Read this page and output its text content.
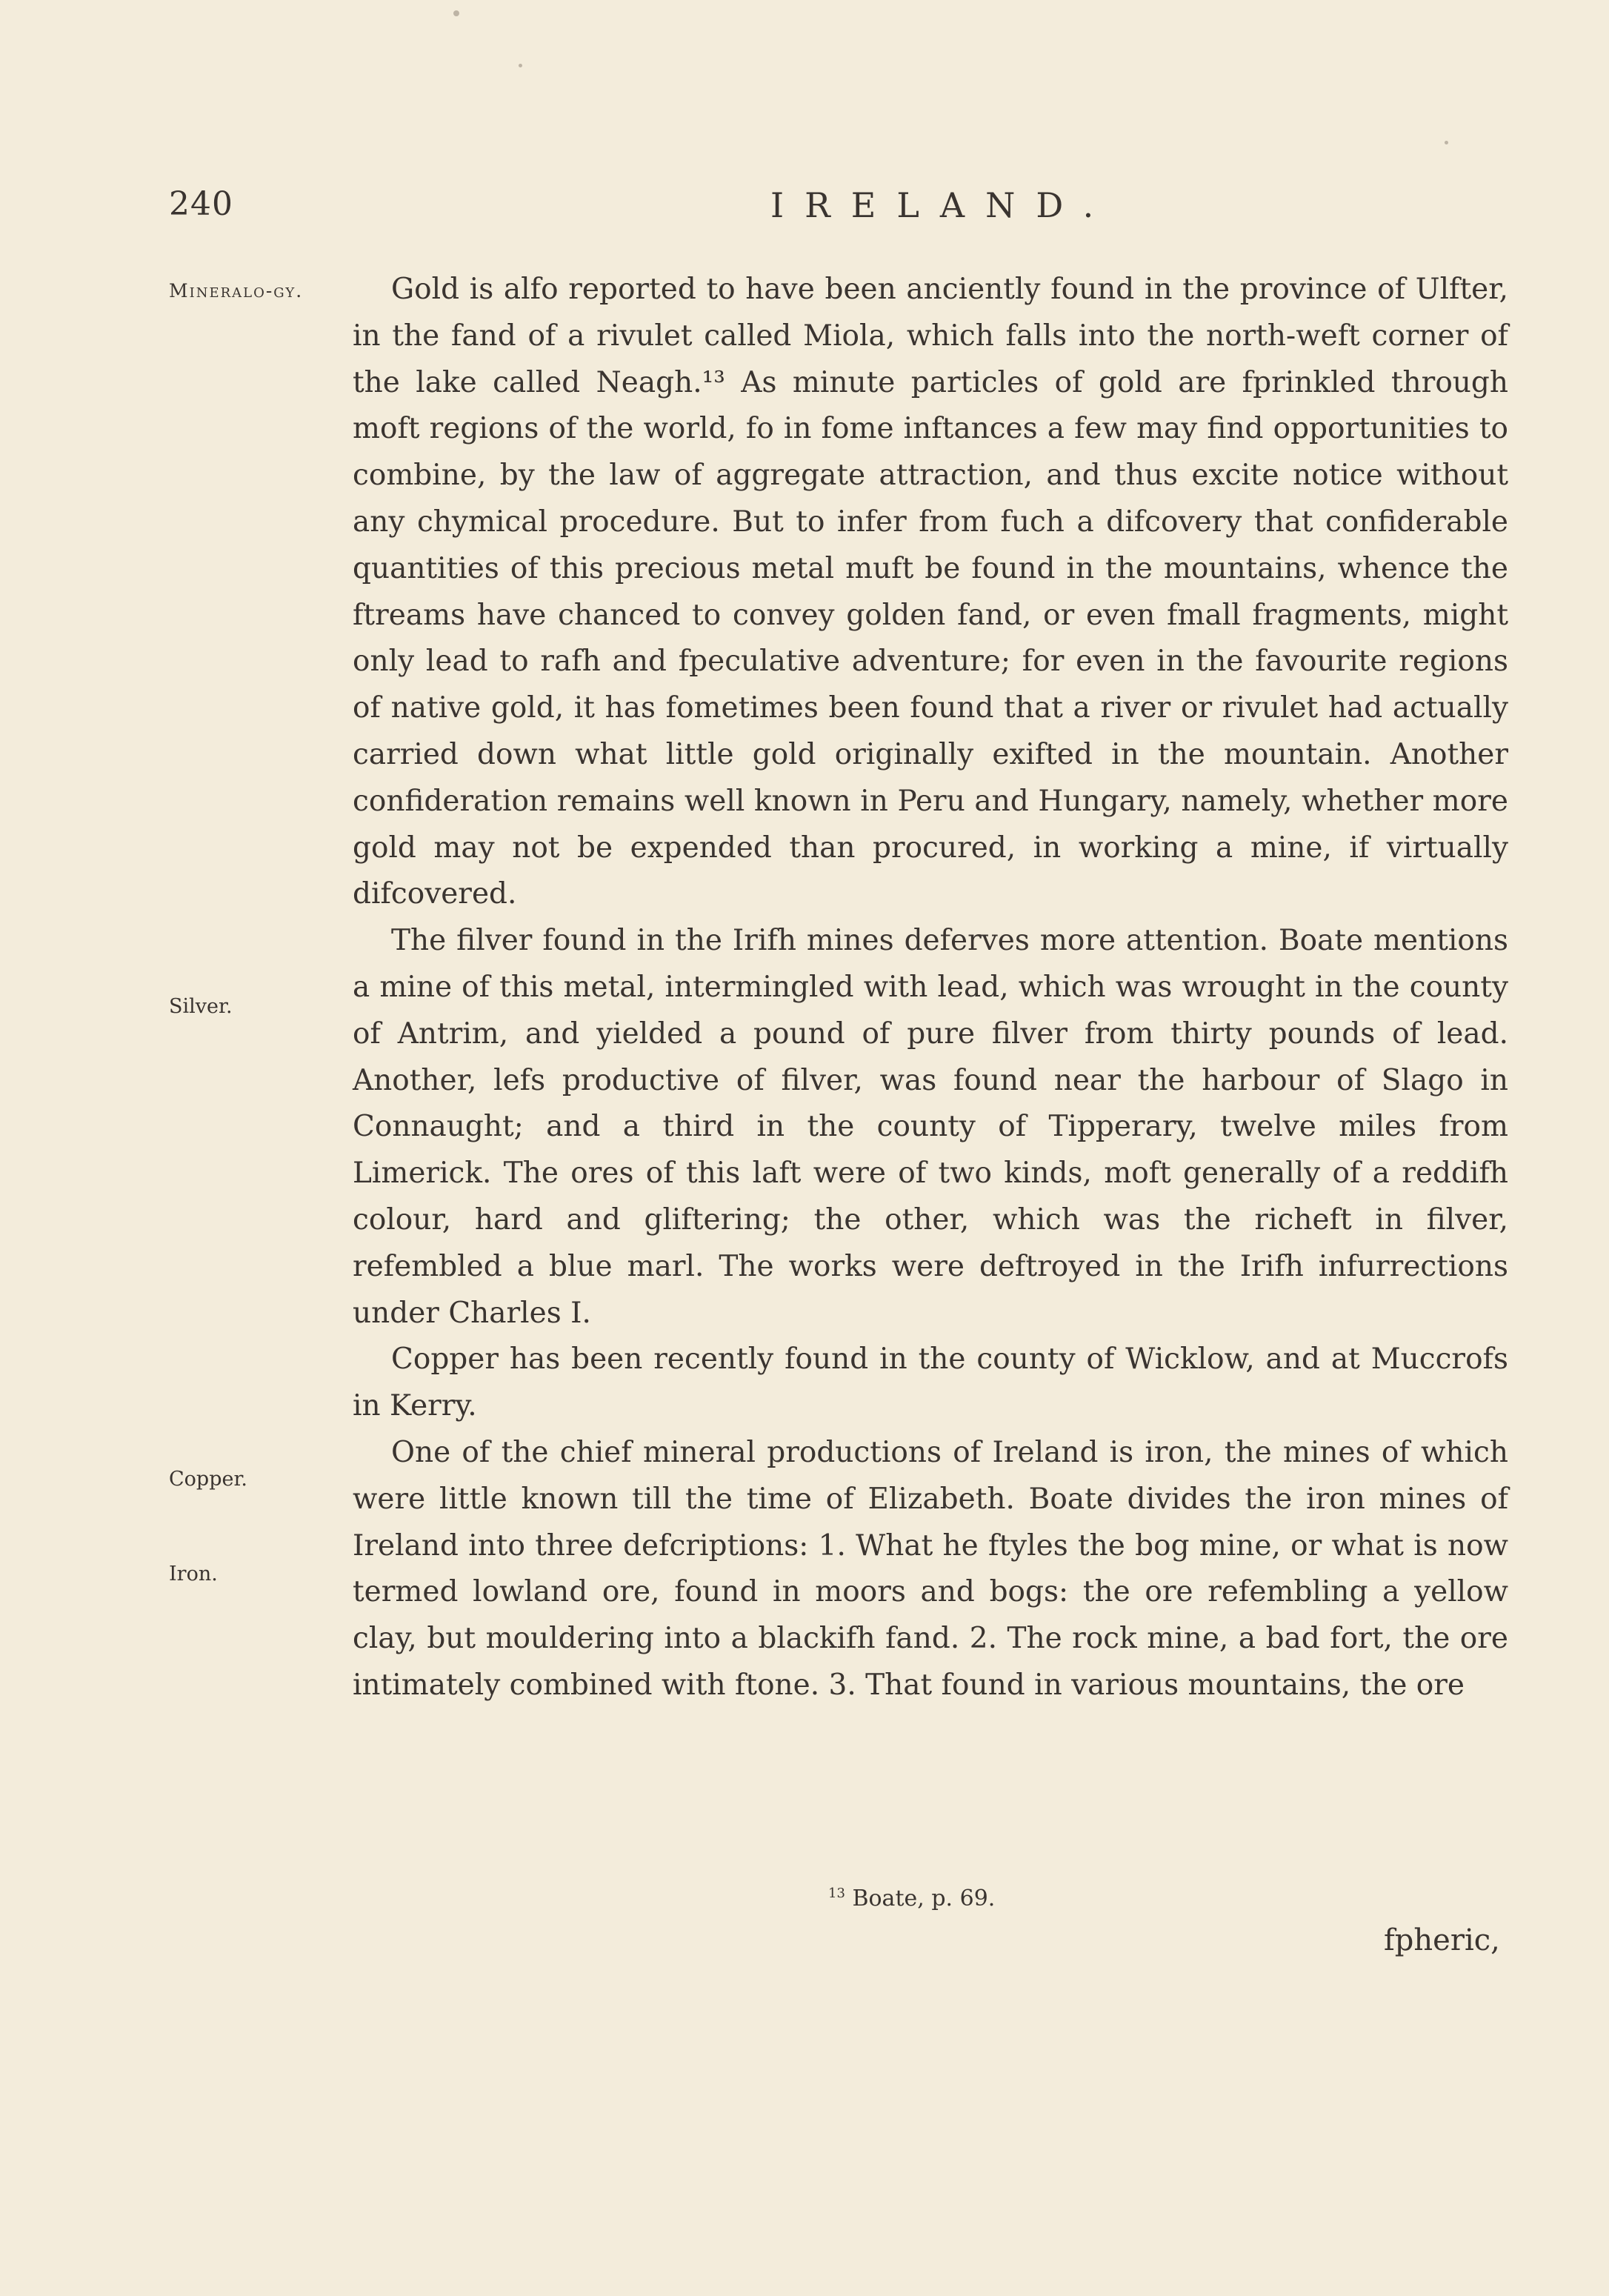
240	IRELAND.
Mineralo-gy.
Silver.
Copper.
Iron.

Gold is alfo reported to have been anciently found in the province of Ulfter, in the fand of a rivulet called Miola, which falls into the north-weft corner of the lake called Neagh.¹³ As minute particles of gold are fprinkled through moft regions of the world, fo in fome inftances a few may find opportunities to combine, by the law of aggregate attraction, and thus excite notice without any chymical procedure. But to infer from fuch a difcovery that confiderable quantities of this precious metal muft be found in the mountains, whence the ftreams have chanced to convey golden fand, or even fmall fragments, might only lead to rafh and fpeculative adventure; for even in the favourite regions of native gold, it has fometimes been found that a river or rivulet had actually carried down what little gold originally exifted in the mountain. Another confideration remains well known in Peru and Hungary, namely, whether more gold may not be expended than procured, in working a mine, if virtually difcovered.

The filver found in the Irifh mines deferves more attention. Boate mentions a mine of this metal, intermingled with lead, which was wrought in the county of Antrim, and yielded a pound of pure filver from thirty pounds of lead. Another, lefs productive of filver, was found near the harbour of Slago in Connaught; and a third in the county of Tipperary, twelve miles from Limerick. The ores of this laft were of two kinds, moft generally of a reddifh colour, hard and gliftering; the other, which was the richeft in filver, refembled a blue marl. The works were deftroyed in the Irifh infurrections under Charles I.

Copper has been recently found in the county of Wicklow, and at Muccrofs in Kerry.

One of the chief mineral productions of Ireland is iron, the mines of which were little known till the time of Elizabeth. Boate divides the iron mines of Ireland into three defcriptions: 1. What he ftyles the bog mine, or what is now termed lowland ore, found in moors and bogs: the ore refembling a yellow clay, but mouldering into a blackifh fand. 2. The rock mine, a bad fort, the ore intimately combined with ftone. 3. That found in various mountains, the ore

$^{13}$ Boate, p. 69.
fpheric,
